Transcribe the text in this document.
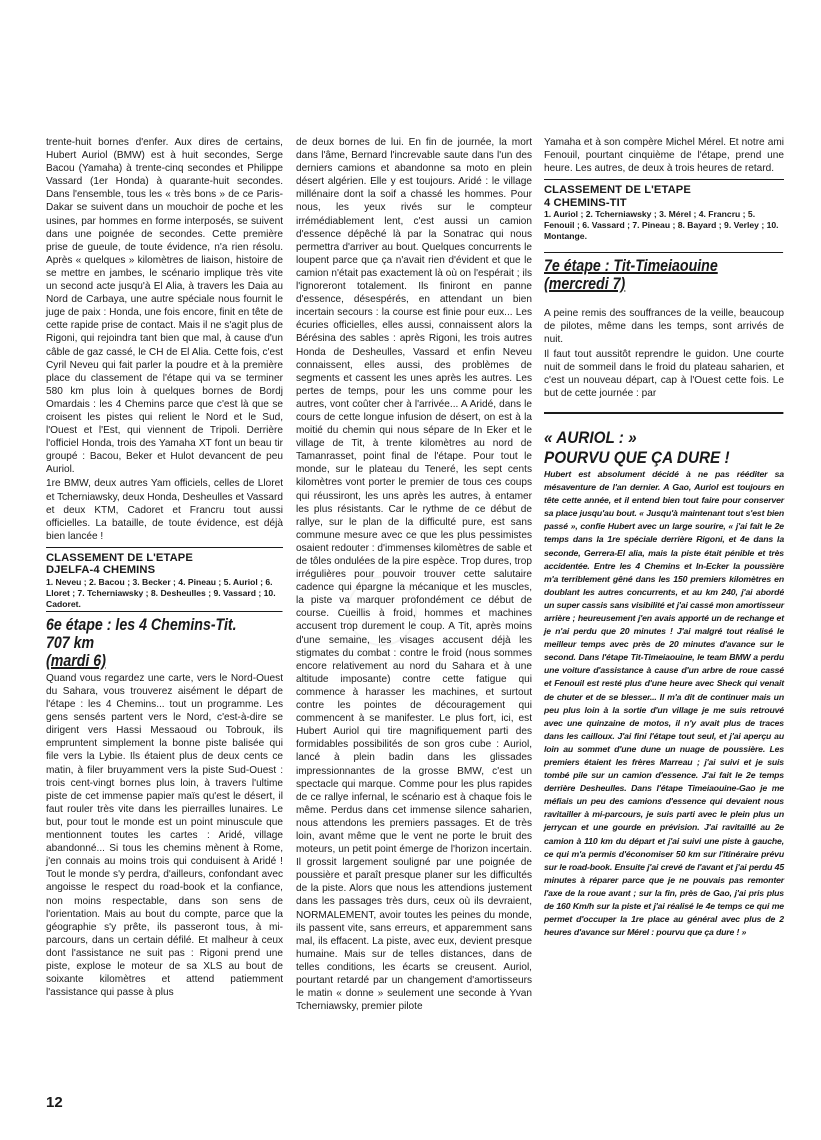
trente-huit bornes d'enfer. Aux dires de certains, Hubert Auriol (BMW) est à huit secondes, Serge Bacou (Yamaha) à trente-cinq secondes et Philippe Vassard (1er Honda) à quarante-huit secondes. Dans l'ensemble, tous les « très bons » de ce Paris-Dakar se suivent dans un mouchoir de poche et les usines, par hommes en forme interposés, se suivent dans une poignée de secondes. Cette première prise de gueule, de toute évidence, n'a rien résolu. Après « quelques » kilomètres de liaison, histoire de se mettre en jambes, le scénario implique très vite un second acte jusqu'à El Alia, à travers les Daia au Nord de Carbaya, une autre spéciale nous fournit le juge de paix : Honda, une fois encore, finit en tête de cette rapide prise de contact. Mais il ne s'agit plus de Rigoni, qui rejoindra tant bien que mal, à cause d'un câble de gaz cassé, le CH de El Alia. Cette fois, c'est Cyril Neveu qui fait parler la poudre et à la première place du classement de l'étape qui va se terminer 580 km plus loin à quelques bornes de Bordj Omardais : les 4 Chemins parce que c'est là que se croisent les pistes qui relient le Nord et le Sud, l'Ouest et l'Est, qui viennent de Tripoli. Derrière l'officiel Honda, trois des Yamaha XT font un beau tir groupé : Bacou, Beker et Hulot devancent de peu Auriol.

1re BMW, deux autres Yam officiels, celles de Lloret et Tcherniawsky, deux Honda, Desheulles et Vassard et deux KTM, Cadoret et Francru tout aussi officielles. La bataille, de toute évidence, est déjà bien lancée !

CLASSEMENT DE L'ETAPE
DJELFA-4 CHEMINS

1. Neveu ; 2. Bacou ; 3. Becker ; 4. Pineau ; 5. Auriol ; 6. Lloret ; 7. Tcherniawsky ; 8. Desheulles ; 9. Vassard ; 10. Cadoret.

6e étape : les 4 Chemins-Tit.
707 km
(mardi 6)

Quand vous regardez une carte, vers le Nord-Ouest du Sahara, vous trouverez aisément le départ de l'étape : les 4 Chemins... tout un programme. Les gens sensés partent vers le Nord, c'est-à-dire se dirigent vers Hassi Messaoud ou Tobrouk, ils empruntent simplement la bonne piste balisée qui file vers la Lybie. Ils étaient plus de deux cents ce matin, à filer bruyamment vers la piste Sud-Ouest : trois cent-vingt bornes plus loin, à travers l'ultime piste de cet immense papier maïs qu'est le désert, il faut rouler très vite dans les pierrailles lunaires. Le but, pour tout le monde est un point minuscule que mentionnent toutes les cartes : Aridé, village abandonné... Si tous les chemins mènent à Rome, j'en connais au moins trois qui conduisent à Aridé ! Tout le monde s'y perdra, d'ailleurs, confondant avec angoisse le respect du road-book et la confiance, non moins respectable, dans son sens de l'orientation. Mais au bout du compte, parce que la géographie s'y prête, ils passeront tous, à mi-parcours, dans un certain défilé. Et malheur à ceux dont l'assistance ne suit pas : Rigoni prend une piste, explose le moteur de sa XLS au bout de soixante kilomètres et attend patiemment l'assistance qui passe à plus

de deux bornes de lui. En fin de journée, la mort dans l'âme, Bernard l'increvable saute dans l'un des derniers camions et abandonne sa moto en plein désert algérien. Elle y est toujours. Aridé : le village millénaire dont la soif a chassé les hommes. Pour nous, les yeux rivés sur le compteur irrémédiablement lent, c'est aussi un camion d'essence dépêché là par la Sonatrac qui nous permettra d'arriver au bout. Quelques concurrents le loupent parce que ça n'avait rien d'évident et que le camion n'était pas exactement là où on l'espérait ; ils l'ignoreront totalement. Ils finiront en panne d'essence, désespérés, en attendant un bien incertain secours : la course est finie pour eux... Les écuries officielles, elles aussi, connaissent alors la Bérésina des sables : après Rigoni, les trois autres Honda de Desheulles, Vassard et enfin Neveu connaissent, elles aussi, des problèmes de segments et cassent les unes après les autres. Les pertes de temps, pour les uns comme pour les autres, vont coûter cher à l'arrivée... A Aridé, dans le cours de cette longue infusion de désert, on est à la moitié du chemin qui nous sépare de In Eker et le village de Tit, à trente kilomètres au nord de Tamanrasset, point final de l'étape. Pour tout le monde, sur le plateau du Teneré, les sept cents kilomètres vont porter le premier de tous ces coups qui réussiront, les uns après les autres, à entamer les plus résistants. Car le rythme de ce début de rallye, sur le plan de la difficulté pure, est sans commune mesure avec ce que les plus pessimistes osaient redouter : d'immenses kilomètres de sable et de tôles ondulées de la pire espèce. Trop dures, trop irrégulières pour pouvoir trouver cette salutaire cadence qui épargne la mécanique et les muscles, la piste va marquer profondément ce début de course. Cueillis à froid, hommes et machines accusent trop durement le coup. A Tit, après moins d'une semaine, les visages accusent déjà les stigmates du combat : contre le froid (nous sommes encore relativement au nord du Sahara et à une altitude imposante) contre cette fatigue qui commence à harasser les machines, et surtout contre les pointes de découragement qui commencent à se manifester. Le plus fort, ici, est Hubert Auriol qui tire magnifiquement parti des formidables possibilités de son gros cube : Auriol, lancé à plein badin dans les glissades impressionnantes de la grosse BMW, c'est un spectacle qui marque. Comme pour les plus rapides de ce rallye infernal, le scénario est à chaque fois le même. Perdus dans cet immense silence saharien, nous attendons les premiers passages. Et de très loin, avant même que le vent ne porte le bruit des moteurs, un petit point émerge de l'horizon incertain. Il grossit largement souligné par une poignée de poussière et paraît presque planer sur les difficultés de la piste. Alors que nous les attendions justement dans les passages très durs, ceux où ils devraient, NORMALEMENT, avoir toutes les peines du monde, ils passent vite, sans erreurs, et apparemment sans mal, ils effacent. La piste, avec eux, devient presque humaine. Mais sur de telles distances, dans de telles conditions, les écarts se creusent. Auriol, pourtant retardé par un changement d'amortisseurs le matin « donne » seulement une seconde à Yvan Tcherniawsky, premier pilote

Yamaha et à son compère Michel Mérel. Et notre ami Fenouil, pourtant cinquième de l'étape, prend une heure. Les autres, de deux à trois heures de retard.

CLASSEMENT DE L'ETAPE
4 CHEMINS-TIT

1. Auriol ; 2. Tcherniawsky ; 3. Mérel ; 4. Francru ; 5. Fenouil ; 6. Vassard ; 7. Pineau ; 8. Bayard ; 9. Verley ; 10. Montange.

7e étape : Tit-Timeiaouine
(mercredi 7)

A peine remis des souffrances de la veille, beaucoup de pilotes, même dans les temps, sont arrivés de nuit.

Il faut tout aussitôt reprendre le guidon. Une courte nuit de sommeil dans le froid du plateau saharien, et c'est un nouveau départ, cap à l'Ouest cette fois. Le but de cette journée : par

« AURIOL : »
POURVU QUE ÇA DURE !

Hubert est absolument décidé à ne pas rééditer sa mésaventure de l'an dernier. A Gao, Auriol est toujours en tête cette année, et il entend bien tout faire pour conserver sa place jusqu'au bout. « Jusqu'à maintenant tout s'est bien passé », confie Hubert avec un large sourire, « j'ai fait le 2e temps dans la 1re spéciale derrière Rigoni, et 4e dans la seconde, Gerrera-El alia, mais la piste était pénible et très accidentée. Entre les 4 Chemins et In-Ecker la poussière m'a terriblement gêné dans les 150 premiers kilomètres en doublant les autres concurrents, et au km 240, j'ai abordé un super cassis sans visibilité et j'ai cassé mon amortisseur arrière ; heureusement j'en avais apporté un de rechange et je n'ai perdu que 20 minutes ! J'ai malgré tout réalisé le meilleur temps avec près de 20 minutes d'avance sur le second. Dans l'étape Tit-Timeiaouine, le team BMW a perdu une voiture d'assistance à cause d'un arbre de roue cassé et Fenouil est resté plus d'une heure avec Sheck qui venait de chuter et de se blesser... Il m'a dit de continuer mais un peu plus loin à la sortie d'un village je me suis retrouvé avec une quinzaine de motos, il n'y avait plus de traces dans les cailloux. J'ai fini l'étape tout seul, et j'ai aperçu au loin au sommet d'une dune un nuage de poussière. Les premiers étaient les frères Marreau ; j'ai suivi et je suis tombé pile sur un camion d'essence. J'ai fait le 2e temps derrière Desheulles. Dans l'étape Timeiaouine-Gao je me méfiais un peu des camions d'essence qui devaient nous ravitailler à mi-parcours, je suis parti avec le plein plus un jerrycan et une gourde en prévision. J'ai ravitaillé au 2e camion à 110 km du départ et j'ai suivi une piste à gauche, ce qui m'a permis d'économiser 50 km sur l'itinéraire prévu sur le road-book. Ensuite j'ai crevé de l'avant et j'ai perdu 45 minutes à réparer parce que je ne pouvais pas remonter l'axe de la roue avant ; sur la fin, près de Gao, j'ai pris plus de 160 Km/h sur la piste et j'ai réalisé le 4e temps ce qui me permet d'occuper la 1re place au général avec plus de 2 heures d'avance sur Mérel : pourvu que ça dure ! »

12
